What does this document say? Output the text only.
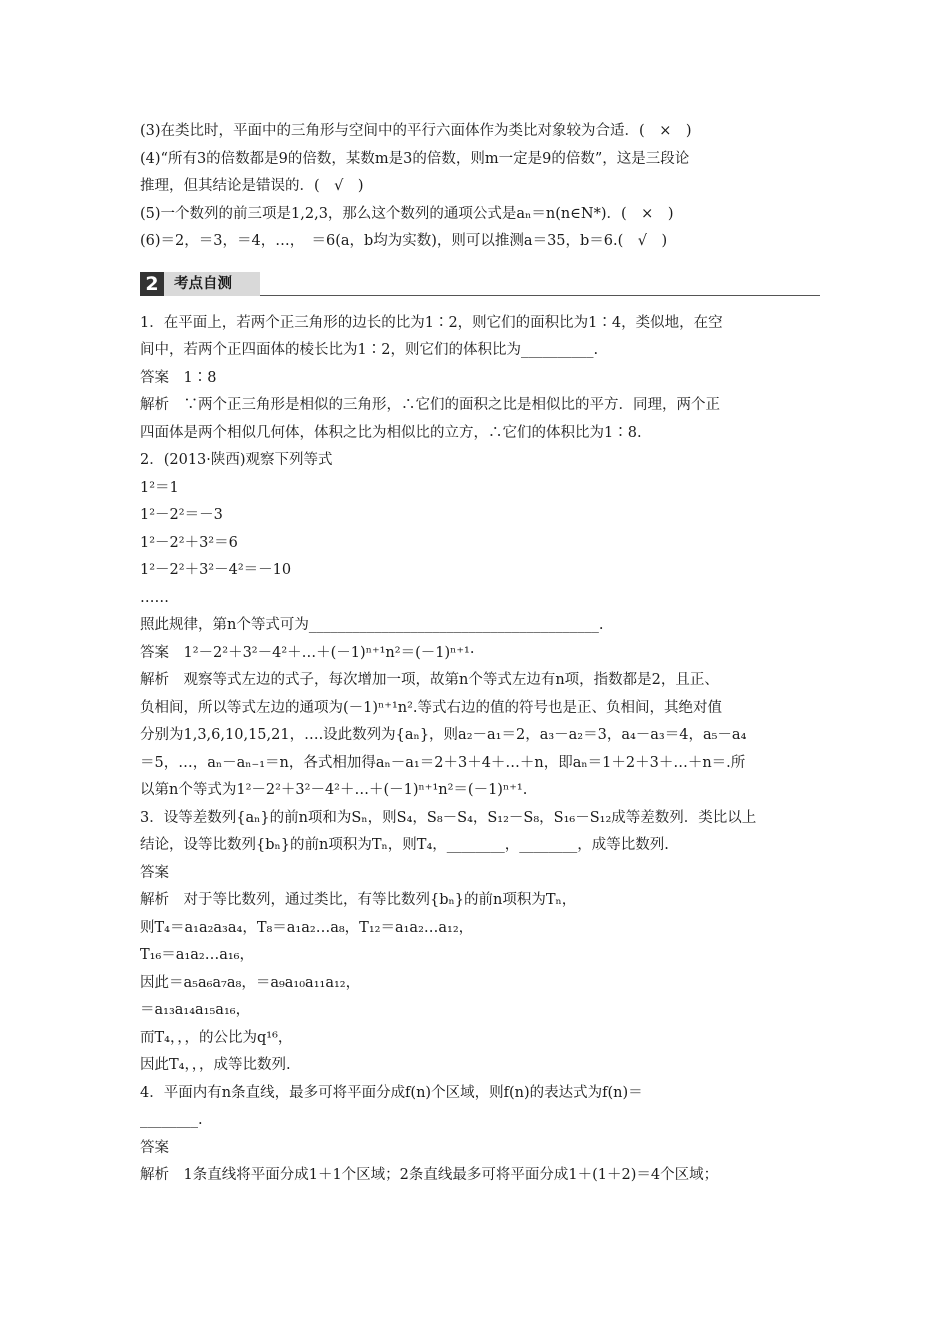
(3)在类比时，平面中的三角形与空间中的平行六面体作为类比对象较为合适．(　×　)
(4)“所有3的倍数都是9的倍数，某数m是3的倍数，则m一定是9的倍数”，这是三段论
推理，但其结论是错误的．(　√　)
(5)一个数列的前三项是1,2,3，那么这个数列的通项公式是aₙ＝n(n∈N*)．(　×　)
(6)＝2，＝3，＝4，…，　＝6(a，b均为实数)，则可以推测a＝35，b＝6.(　√　)
2	考点自测
1．在平面上，若两个正三角形的边长的比为1∶2，则它们的面积比为1∶4，类似地，在空
间中，若两个正四面体的棱长比为1∶2，则它们的体积比为__________.
答案　1∶8
解析　∵两个正三角形是相似的三角形，∴它们的面积之比是相似比的平方．同理，两个正
四面体是两个相似几何体，体积之比为相似比的立方，∴它们的体积比为1∶8.
2．(2013·陕西)观察下列等式
1²＝1
1²－2²＝－3
1²－2²＋3²＝6
1²－2²＋3²－4²＝－10
……
照此规律，第n个等式可为________________________________________.
答案　1²－2²＋3²－4²＋…＋(－1)ⁿ⁺¹n²＝(－1)ⁿ⁺¹·
解析　观察等式左边的式子，每次增加一项，故第n个等式左边有n项，指数都是2，且正、
负相间，所以等式左边的通项为(－1)ⁿ⁺¹n².等式右边的值的符号也是正、负相间，其绝对值
分别为1,3,6,10,15,21，….设此数列为{aₙ}，则a₂－a₁＝2，a₃－a₂＝3，a₄－a₃＝4，a₅－a₄
＝5，…，aₙ－aₙ₋₁＝n，各式相加得aₙ－a₁＝2＋3＋4＋…＋n，即aₙ＝1＋2＋3＋…＋n＝.所
以第n个等式为1²－2²＋3²－4²＋…＋(－1)ⁿ⁺¹n²＝(－1)ⁿ⁺¹.
3．设等差数列{aₙ}的前n项和为Sₙ，则S₄，S₈－S₄，S₁₂－S₈，S₁₆－S₁₂成等差数列．类比以上
结论，设等比数列{bₙ}的前n项积为Tₙ，则T₄，________，________，成等比数列.
答案
解析　对于等比数列，通过类比，有等比数列{bₙ}的前n项积为Tₙ，
则T₄＝a₁a₂a₃a₄，T₈＝a₁a₂…a₈，T₁₂＝a₁a₂…a₁₂，
T₁₆＝a₁a₂…a₁₆，
因此＝a₅a₆a₇a₈，＝a₉a₁₀a₁₁a₁₂，
＝a₁₃a₁₄a₁₅a₁₆，
而T₄，，，的公比为q¹⁶，
因此T₄，，，成等比数列.
4．平面内有n条直线，最多可将平面分成f(n)个区域，则f(n)的表达式为f(n)＝
________.
答案
解析　1条直线将平面分成1＋1个区域；2条直线最多可将平面分成1＋(1＋2)＝4个区域；
